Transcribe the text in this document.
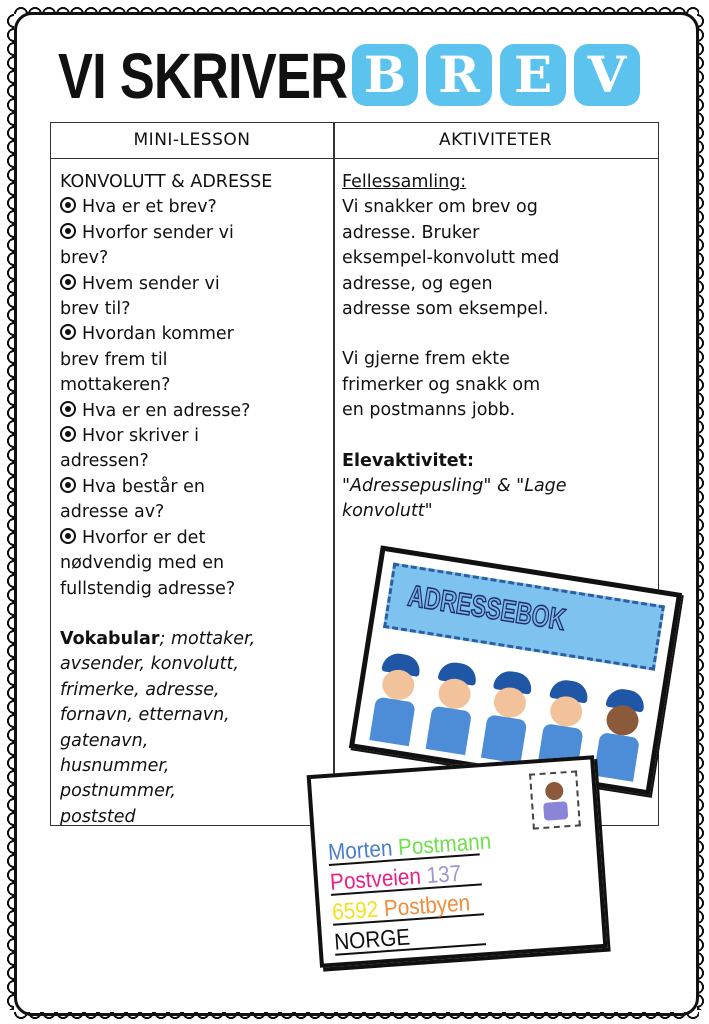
VI SKRIVER B R E V
MINI-LESSON	AKTIVITETER
KONVOLUTT & ADRESSE
Hva er et brev?
Hvorfor sender vi
brev?
Hvem sender vi
brev til?
Hvordan kommer
brev frem til
mottakeren?
Hva er en adresse?
Hvor skriver i
adressen?
Hva består en
adresse av?
Hvorfor er det
nødvendig med en
fullstendig adresse?
Vokabular; mottaker,
avsender, konvolutt,
frimerke, adresse,
fornavn, etternavn,
gatenavn,
husnummer,
postnummer,
poststed
Fellessamling:
Vi snakker om brev og
adresse. Bruker
eksempel-konvolutt med
adresse, og egen
adresse som eksempel.
Vi gjerne frem ekte
frimerker og snakk om
en postmanns jobb.
Elevaktivitet:
"Adressepusling" & "Lage
konvolutt"
ADRESSEBOK
Morten Postmann
Postveien 137
6592 Postbyen
NORGE
